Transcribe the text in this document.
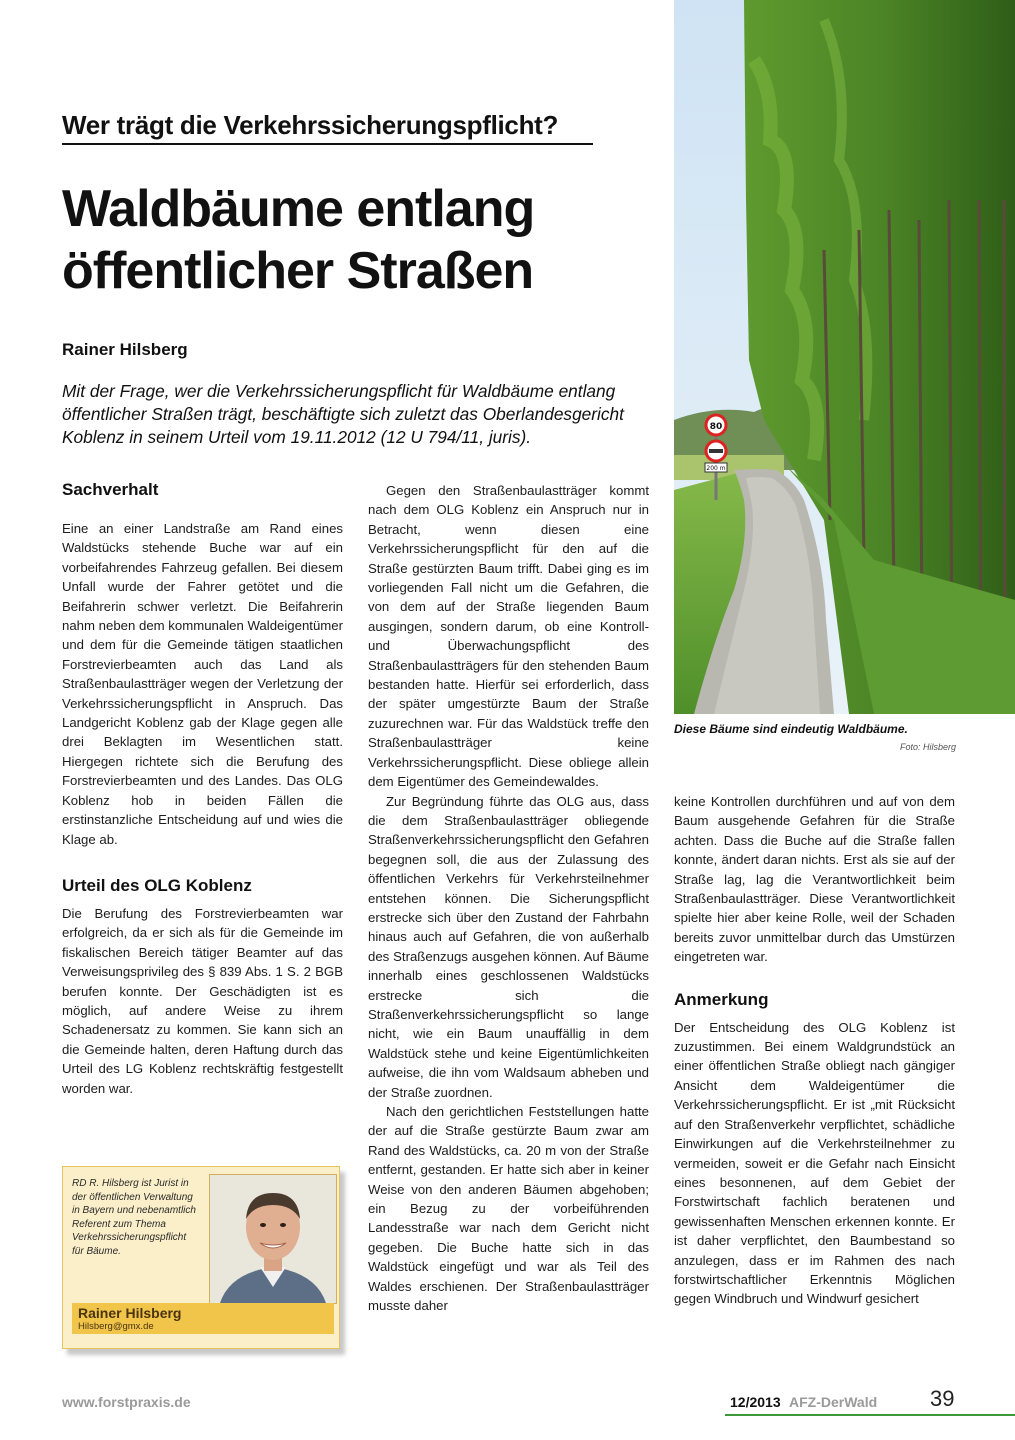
Wer trägt die Verkehrssicherungspflicht?
Waldbäume entlang
öffentlicher Straßen

Rainer Hilsberg

Mit der Frage, wer die Verkehrssicherungspflicht für Waldbäume entlang öffentlicher Straßen trägt, beschäftigte sich zuletzt das Oberlandesgericht Koblenz in seinem Urteil vom 19.11.2012 (12 U 794/11, juris).

Sachverhalt

Eine an einer Landstraße am Rand eines Waldstücks stehende Buche war auf ein vorbeifahrendes Fahrzeug gefallen. Bei diesem Unfall wurde der Fahrer getötet und die Beifahrerin schwer verletzt. Die Beifahrerin nahm neben dem kommunalen Waldeigentümer und dem für die Gemeinde tätigen staatlichen Forstrevierbeamten auch das Land als Straßenbaulastträger wegen der Verletzung der Verkehrssicherungspflicht in Anspruch. Das Landgericht Koblenz gab der Klage gegen alle drei Beklagten im Wesentlichen statt. Hiergegen richtete sich die Berufung des Forstrevierbeamten und des Landes. Das OLG Koblenz hob in beiden Fällen die erstinstanzliche Entscheidung auf und wies die Klage ab.

Urteil des OLG Koblenz

Die Berufung des Forstrevierbeamten war erfolgreich, da er sich als für die Gemeinde im fiskalischen Bereich tätiger Beamter auf das Verweisungsprivileg des § 839 Abs. 1 S. 2 BGB berufen konnte. Der Geschädigten ist es möglich, auf andere Weise zu ihrem Schadenersatz zu kommen. Sie kann sich an die Gemeinde halten, deren Haftung durch das Urteil des LG Koblenz rechtskräftig festgestellt worden war.

Gegen den Straßenbaulastträger kommt nach dem OLG Koblenz ein Anspruch nur in Betracht, wenn diesen eine Verkehrssicherungspflicht für den auf die Straße gestürzten Baum trifft. Dabei ging es im vorliegenden Fall nicht um die Gefahren, die von dem auf der Straße liegenden Baum ausgingen, sondern darum, ob eine Kontroll- und Überwachungspflicht des Straßenbaulastträgers für den stehenden Baum bestanden hatte. Hierfür sei erforderlich, dass der später umgestürzte Baum der Straße zuzurechnen war. Für das Waldstück treffe den Straßenbaulastträger keine Verkehrssicherungspflicht. Diese obliege allein dem Eigentümer des Gemeindewaldes.

Zur Begründung führte das OLG aus, dass die dem Straßenbaulastträger obliegende Straßenverkehrssicherungspflicht den Gefahren begegnen soll, die aus der Zulassung des öffentlichen Verkehrs für Verkehrsteilnehmer entstehen können. Die Sicherungspflicht erstrecke sich über den Zustand der Fahrbahn hinaus auch auf Gefahren, die von außerhalb des Straßenzugs ausgehen können. Auf Bäume innerhalb eines geschlossenen Waldstücks erstrecke sich die Straßenverkehrssicherungspflicht so lange nicht, wie ein Baum unauffällig in dem Waldstück stehe und keine Eigentümlichkeiten aufweise, die ihn vom Waldsaum abheben und der Straße zuordnen.

Nach den gerichtlichen Feststellungen hatte der auf die Straße gestürzte Baum zwar am Rand des Waldstücks, ca. 20 m von der Straße entfernt, gestanden. Er hatte sich aber in keiner Weise von den anderen Bäumen abgehoben; ein Bezug zu der vorbeiführenden Landesstraße war nach dem Gericht nicht gegeben. Die Buche hatte sich in das Waldstück eingefügt und war als Teil des Waldes erschienen. Der Straßenbaulastträger musste daher

80
200 m

Diese Bäume sind eindeutig Waldbäume.

Foto: Hilsberg

keine Kontrollen durchführen und auf von dem Baum ausgehende Gefahren für die Straße achten. Dass die Buche auf die Straße fallen konnte, ändert daran nichts. Erst als sie auf der Straße lag, lag die Verantwortlichkeit beim Straßenbaulastträger. Diese Verantwortlichkeit spielte hier aber keine Rolle, weil der Schaden bereits zuvor unmittelbar durch das Umstürzen eingetreten war.

Anmerkung

Der Entscheidung des OLG Koblenz ist zuzustimmen. Bei einem Waldgrundstück an einer öffentlichen Straße obliegt nach gängiger Ansicht dem Waldeigentümer die Verkehrssicherungspflicht. Er ist „mit Rücksicht auf den Straßenverkehr verpflichtet, schädliche Einwirkungen auf die Verkehrsteilnehmer zu vermeiden, soweit er die Gefahr nach Einsicht eines besonnenen, auf dem Gebiet der Forstwirtschaft fachlich beratenen und gewissenhaften Menschen erkennen konnte. Er ist daher verpflichtet, den Baumbestand so anzulegen, dass er im Rahmen des nach forstwirtschaftlicher Erkenntnis Möglichen gegen Windbruch und Windwurf gesichert

RD R. Hilsberg ist Jurist in der öffentlichen Verwaltung in Bayern und nebenamtlich Referent zum Thema Verkehrssicherungspflicht für Bäume.

Rainer Hilsberg

Hilsberg@gmx.de

www.forstpraxis.de	12/2013 AFZ-DerWald 39
